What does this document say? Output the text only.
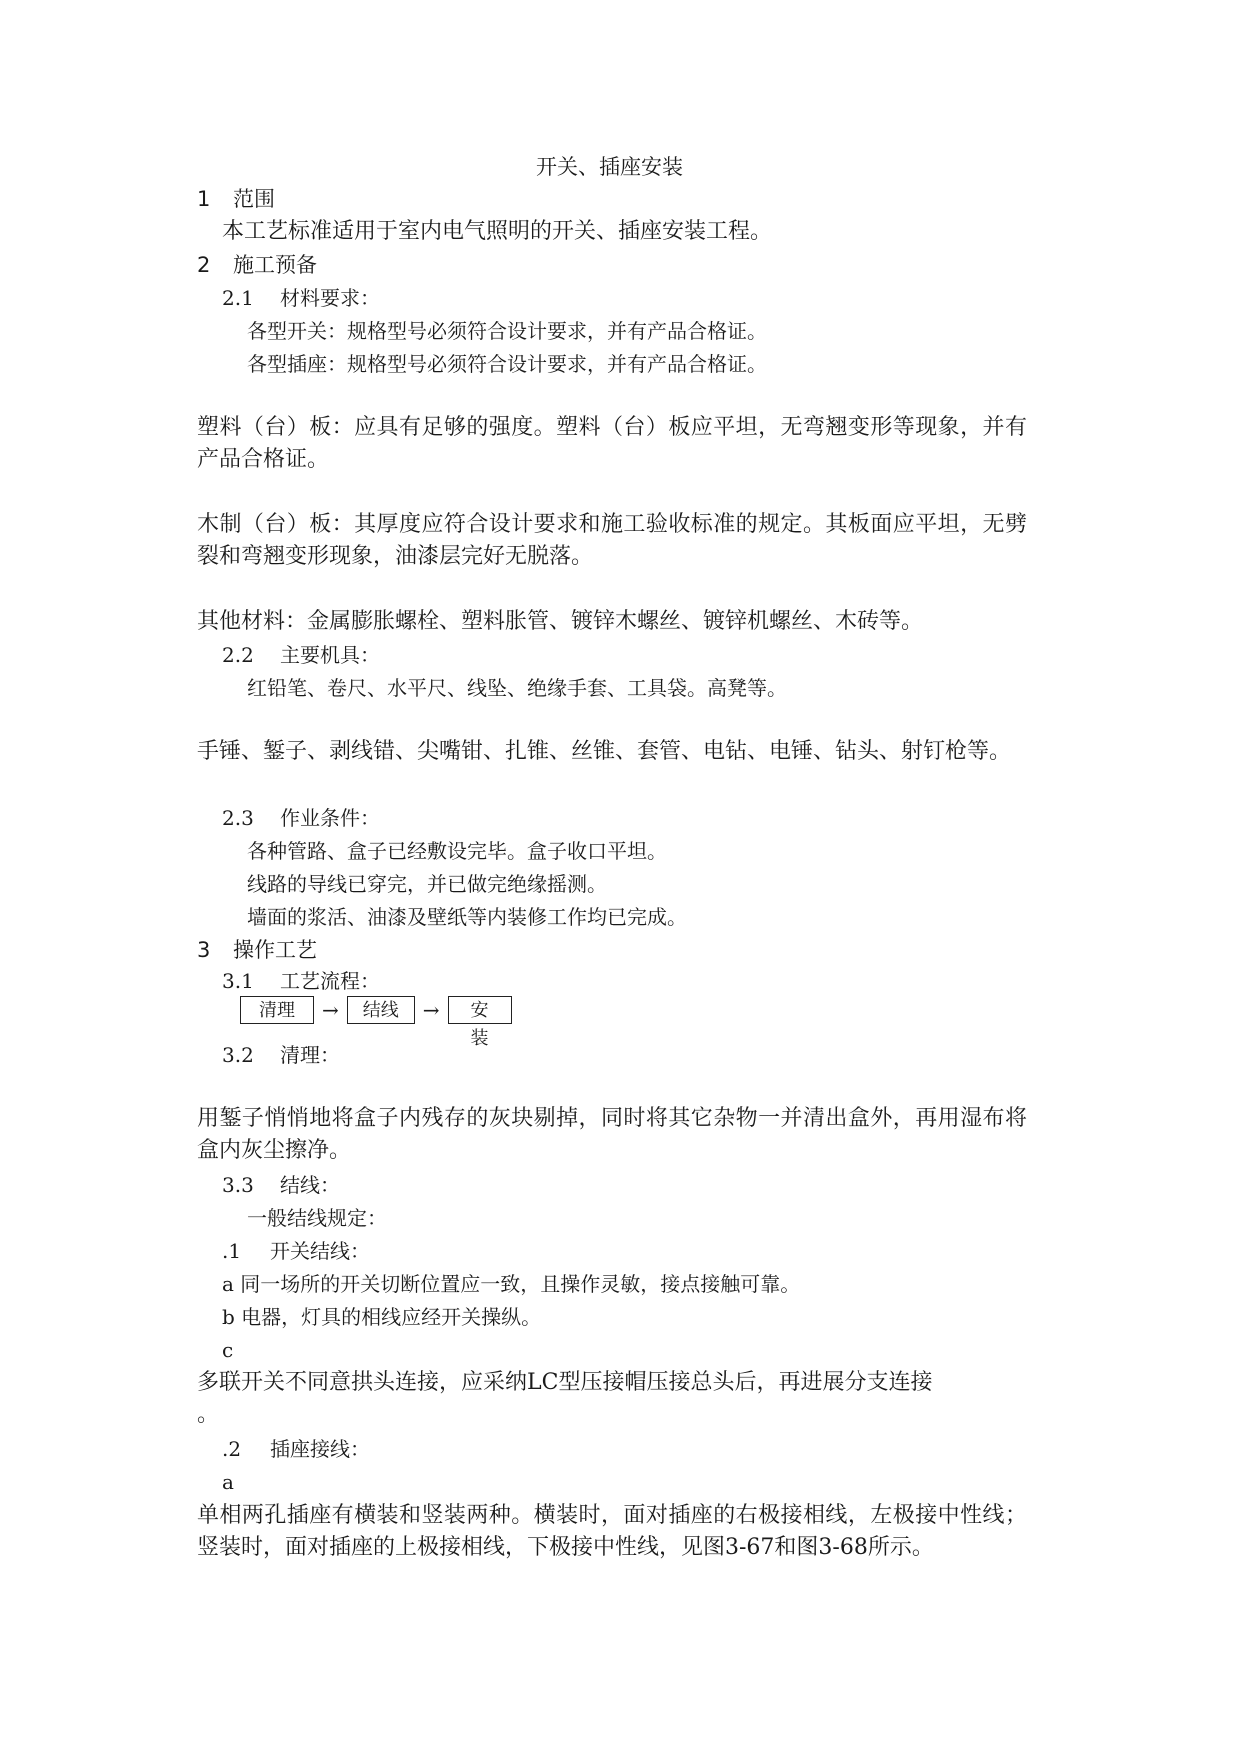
开关、插座安装
1 范围
本工艺标准适用于室内电气照明的开关、插座安装工程。
2 施工预备
2.1 材料要求：
各型开关：规格型号必须符合设计要求，并有产品合格证。
各型插座：规格型号必须符合设计要求，并有产品合格证。
塑料（台）板：应具有足够的强度。塑料（台）板应平坦，无弯翘变形等现象，并有产品合格证。
木制（台）板：其厚度应符合设计要求和施工验收标准的规定。其板面应平坦，无劈裂和弯翘变形现象，油漆层完好无脱落。
其他材料：金属膨胀螺栓、塑料胀管、镀锌木螺丝、镀锌机螺丝、木砖等。
2.2 主要机具：
红铅笔、卷尺、水平尺、线坠、绝缘手套、工具袋。高凳等。
手锤、錾子、剥线错、尖嘴钳、扎锥、丝锥、套管、电钻、电锤、钻头、射钉枪等。
2.3 作业条件：
各种管路、盒子已经敷设完毕。盒子收口平坦。
线路的导线已穿完，并已做完绝缘摇测。
墙面的浆活、油漆及壁纸等内装修工作均已完成。
3 操作工艺
3.1 工艺流程：
清理	→	结线	→	安装
3.2 清理：
用錾子悄悄地将盒子内残存的灰块剔掉，同时将其它杂物一并清出盒外，再用湿布将盒内灰尘擦净。
3.3 结线：
一般结线规定：
.1 开关结线：
a 同一场所的开关切断位置应一致，且操作灵敏，接点接触可靠。
b 电器，灯具的相线应经开关操纵。
c
多联开关不同意拱头连接，应采纳LC型压接帽压接总头后，再进展分支连接
。
.2 插座接线：
a
单相两孔插座有横装和竖装两种。横装时，面对插座的右极接相线，左极接中性线；竖装时，面对插座的上极接相线，下极接中性线，见图3-67和图3-68所示。
